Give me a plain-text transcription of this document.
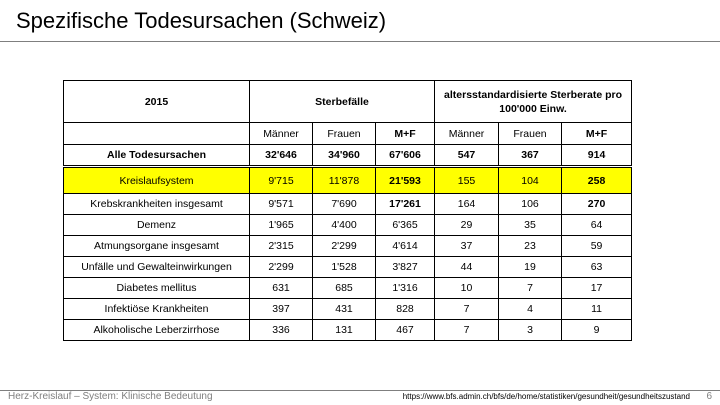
Spezifische Todesursachen (Schweiz)
2015	Sterbefälle			altersstandardisierte Sterberate pro 100'000 Einw.		
	Männer	Frauen	M+F	Männer	Frauen	M+F
Alle Todesursachen	32'646	34'960	67'606	547	367	914
Kreislaufsystem	9'715	11'878	21'593	155	104	258
Krebskrankheiten insgesamt	9'571	7'690	17'261	164	106	270
Demenz	1'965	4'400	6'365	29	35	64
Atmungsorgane insgesamt	2'315	2'299	4'614	37	23	59
Unfälle und Gewalteinwirkungen	2'299	1'528	3'827	44	19	63
Diabetes mellitus	631	685	1'316	10	7	17
Infektiöse Krankheiten	397	431	828	7	4	11
Alkoholische Leberzirrhose	336	131	467	7	3	9
Herz-Kreislauf – System: Klinische Bedeutung	https://www.bfs.admin.ch/bfs/de/home/statistiken/gesundheit/gesundheitszustand 6
